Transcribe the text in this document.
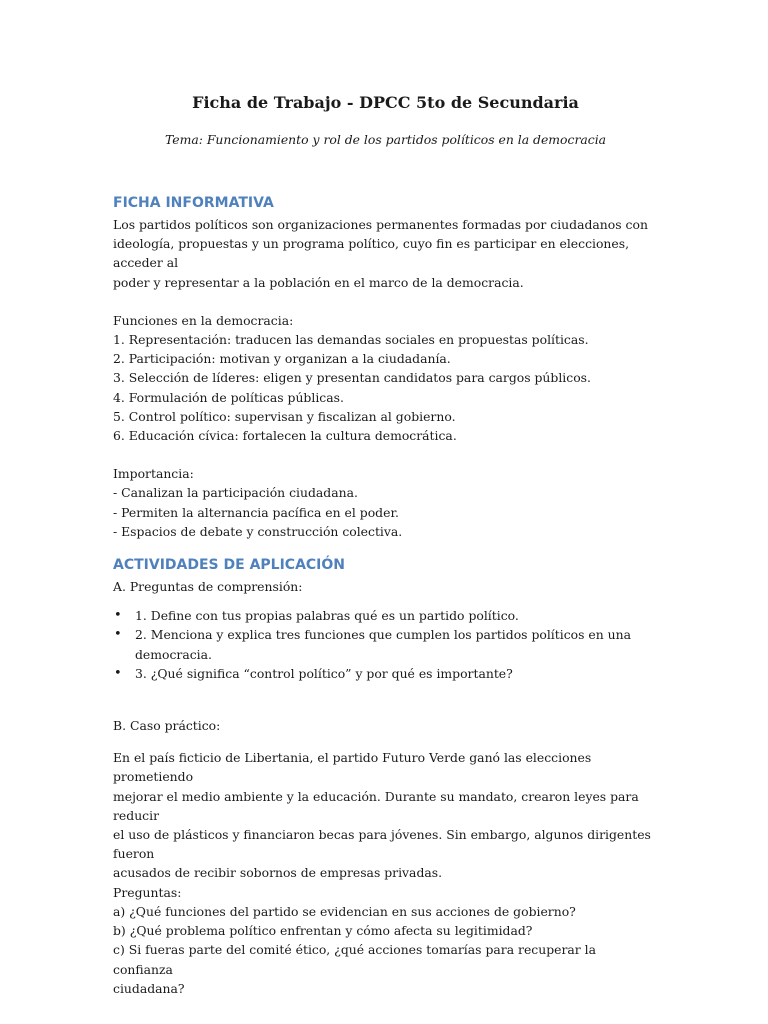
Ficha de Trabajo - DPCC 5to de Secundaria

Tema: Funcionamiento y rol de los partidos políticos en la democracia

FICHA INFORMATIVA

Los partidos políticos son organizaciones permanentes formadas por ciudadanos con

ideología, propuestas y un programa político, cuyo fin es participar en elecciones, acceder al

poder y representar a la población en el marco de la democracia.

Funciones en la democracia:

1. Representación: traducen las demandas sociales en propuestas políticas.

2. Participación: motivan y organizan a la ciudadanía.

3. Selección de líderes: eligen y presentan candidatos para cargos públicos.

4. Formulación de políticas públicas.

5. Control político: supervisan y fiscalizan al gobierno.

6. Educación cívica: fortalecen la cultura democrática.

Importancia:

- Canalizan la participación ciudadana.

- Permiten la alternancia pacífica en el poder.

- Espacios de debate y construcción colectiva.

ACTIVIDADES DE APLICACIÓN

A. Preguntas de comprensión:

• 1. Define con tus propias palabras qué es un partido político.
• 2. Menciona y explica tres funciones que cumplen los partidos políticos en una
democracia.
• 3. ¿Qué significa “control político” y por qué es importante?

B. Caso práctico:

En el país ficticio de Libertania, el partido Futuro Verde ganó las elecciones prometiendo

mejorar el medio ambiente y la educación. Durante su mandato, crearon leyes para reducir

el uso de plásticos y financiaron becas para jóvenes. Sin embargo, algunos dirigentes fueron

acusados de recibir sobornos de empresas privadas.

Preguntas:

a) ¿Qué funciones del partido se evidencian en sus acciones de gobierno?

b) ¿Qué problema político enfrentan y cómo afecta su legitimidad?

c) Si fueras parte del comité ético, ¿qué acciones tomarías para recuperar la confianza

ciudadana?
